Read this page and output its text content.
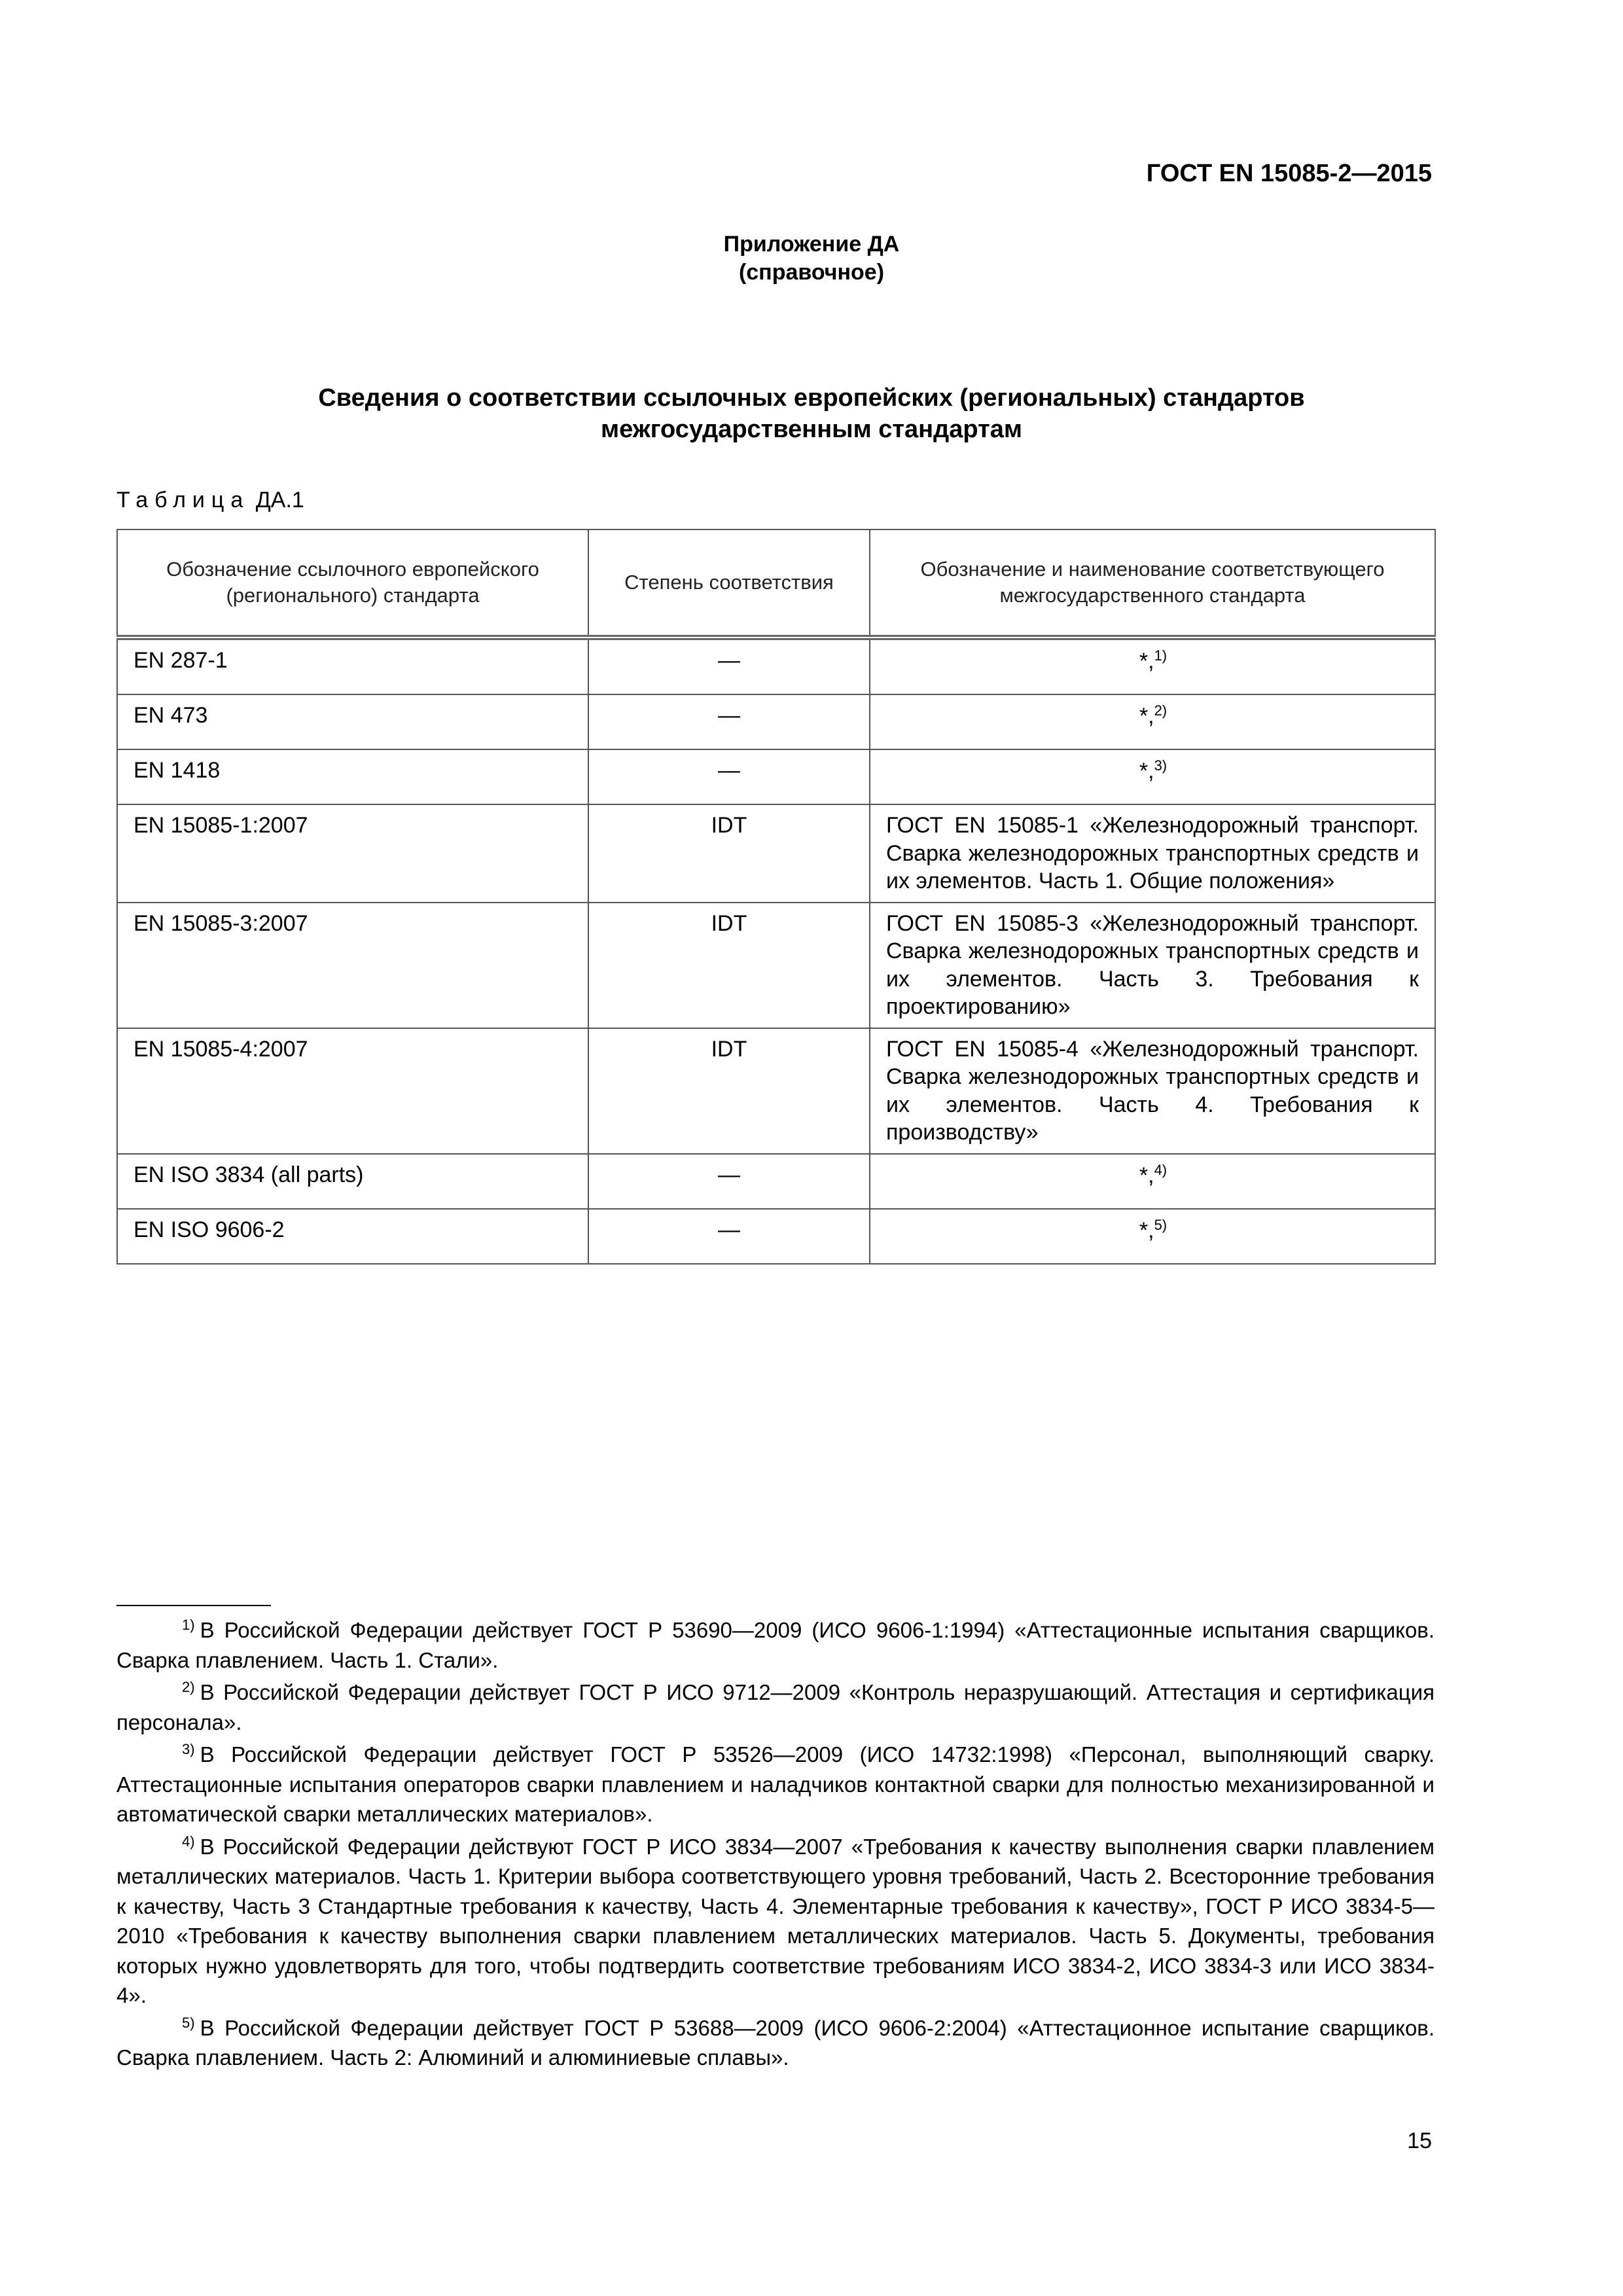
ГОСТ EN 15085-2—2015
Приложение ДА
(справочное)
Сведения о соответствии ссылочных европейских (региональных) стандартов
межгосударственным стандартам
Таблица ДА.1
Обозначение ссылочного европейского (регионального) стандарта	Степень соответствия	Обозначение и наименование соответствующего межгосударственного стандарта
EN 287-1	—	*,$^{1)}$
EN 473	—	*,$^{2)}$
EN 1418	—	*,$^{3)}$
EN 15085-1:2007	IDT	ГОСТ EN 15085-1 «Железнодорожный транспорт. Сварка железнодорожных транспортных средств и их элементов. Часть 1. Общие положения»
EN 15085-3:2007	IDT	ГОСТ EN 15085-3 «Железнодорожный транспорт. Сварка железнодорожных транспортных средств и их элементов. Часть 3. Требования к проектированию»
EN 15085-4:2007	IDT	ГОСТ EN 15085-4 «Железнодорожный транспорт. Сварка железнодорожных транспортных средств и их элементов. Часть 4. Требования к производству»
EN ISO 3834 (all parts)	—	*,$^{4)}$
EN ISO 9606-2	—	*,$^{5)}$

$^{1)}$ В Российской Федерации действует ГОСТ Р 53690—2009 (ИСО 9606-1:1994) «Аттестационные испытания сварщиков. Сварка плавлением. Часть 1. Стали».

$^{2)}$ В Российской Федерации действует ГОСТ Р ИСО 9712—2009 «Контроль неразрушающий. Аттестация и сертификация персонала».

$^{3)}$ В Российской Федерации действует ГОСТ Р 53526—2009 (ИСО 14732:1998) «Персонал, выполняющий сварку. Аттестационные испытания операторов сварки плавлением и наладчиков контактной сварки для полностью механизированной и автоматической сварки металлических материалов».

$^{4)}$ В Российской Федерации действуют ГОСТ Р ИСО 3834—2007 «Требования к качеству выполнения сварки плавлением металлических материалов. Часть 1. Критерии выбора соответствующего уровня требований, Часть 2. Всесторонние требования к качеству, Часть 3 Стандартные требования к качеству, Часть 4. Элементарные требования к качеству», ГОСТ Р ИСО 3834-5—2010 «Требования к качеству выполнения сварки плавлением металлических материалов. Часть 5. Документы, требования которых нужно удовлетворять для того, чтобы подтвердить соответствие требованиям ИСО 3834-2, ИСО 3834-3 или ИСО 3834-4».

$^{5)}$ В Российской Федерации действует ГОСТ Р 53688—2009 (ИСО 9606-2:2004) «Аттестационное испытание сварщиков. Сварка плавлением. Часть 2: Алюминий и алюминиевые сплавы».

15
